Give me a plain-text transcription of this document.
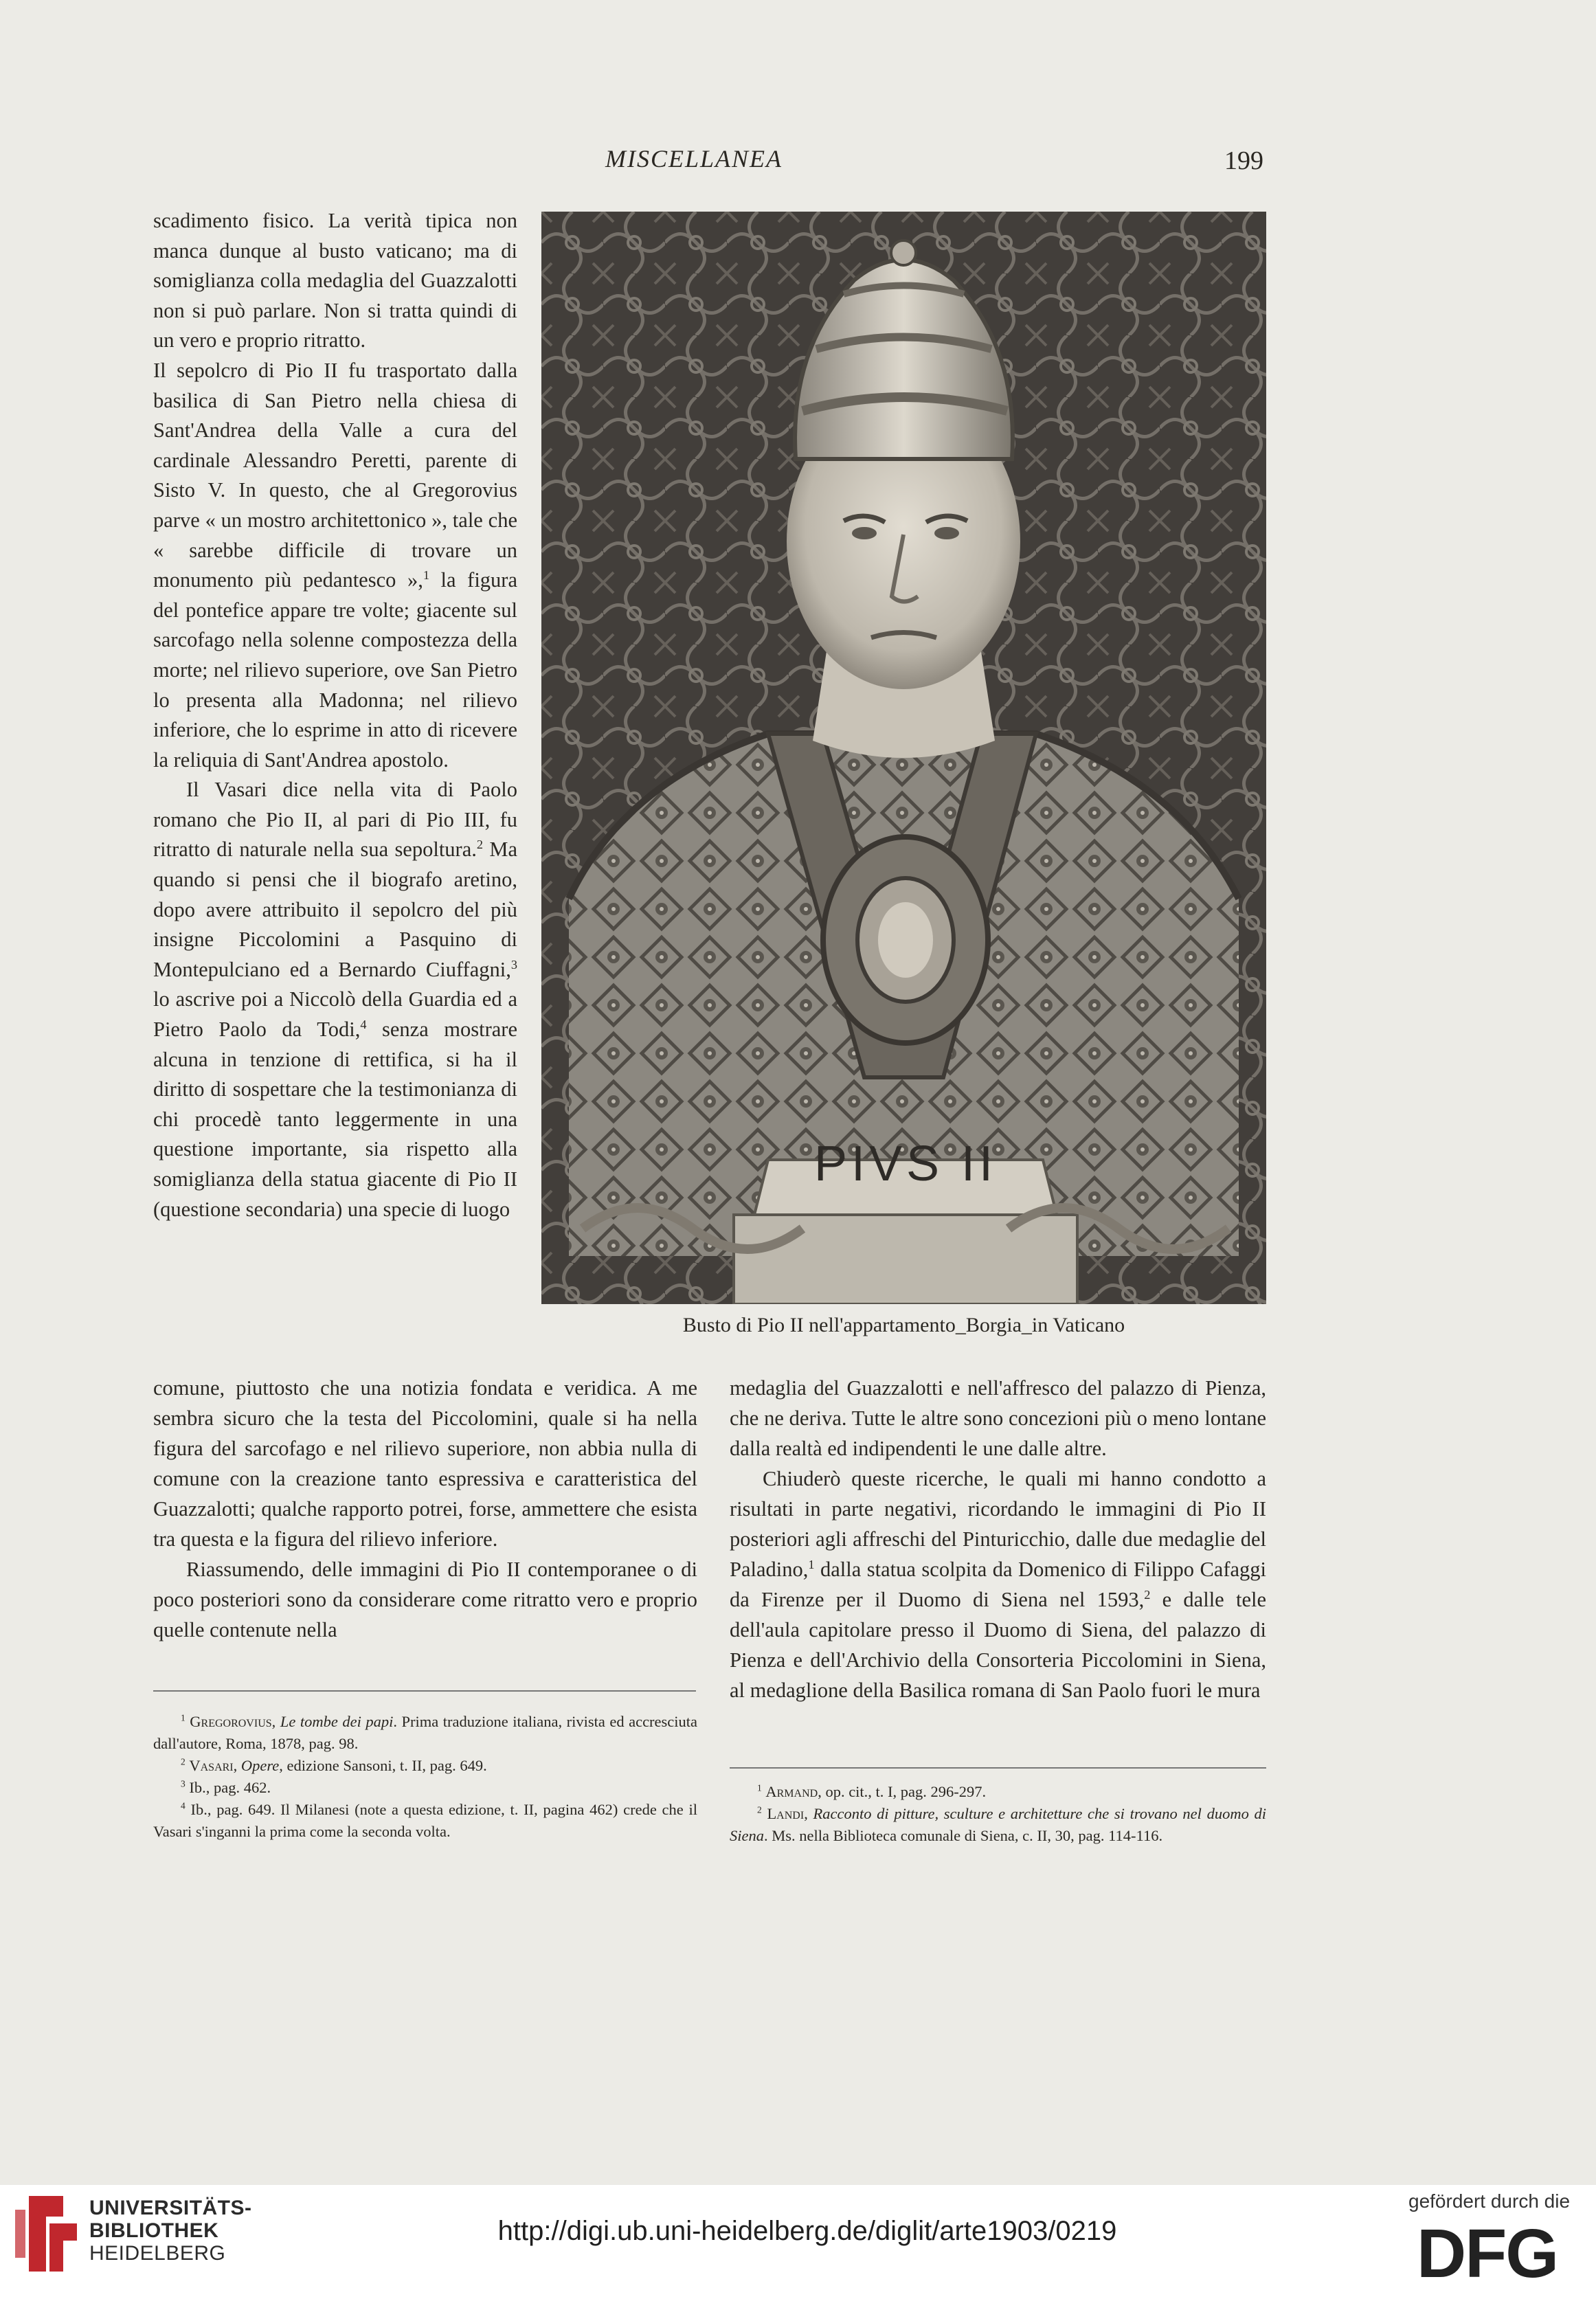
MISCELLANEA	199

scadimento fisico. La verità tipica non manca dunque al busto vaticano; ma di somiglianza colla medaglia del Guazzalotti non si può parlare. Non si tratta quindi di un vero e proprio ritratto.

Il sepolcro di Pio II fu trasportato dalla basilica di San Pietro nella chiesa di Sant'Andrea della Valle a cura del cardinale Alessandro Peretti, parente di Sisto V. In questo, che al Gregorovius parve « un mostro architettonico », tale che « sarebbe difficile di trovare un monumento più pedantesco »,$^1$ la figura del pontefice appare tre volte; giacente sul sarcofago nella solenne compostezza della morte; nel rilievo superiore, ove San Pietro lo presenta alla Madonna; nel rilievo inferiore, che lo esprime in atto di ricevere la reliquia di Sant'Andrea apostolo.

Il Vasari dice nella vita di Paolo romano che Pio II, al pari di Pio III, fu ritratto di naturale nella sua sepoltura.$^2$ Ma quando si pensi che il biografo aretino, dopo avere attribuito il sepolcro del più insigne Piccolomini a Pasquino di Montepulciano ed a Bernardo Ciuffagni,$^3$ lo ascrive poi a Niccolò della Guardia ed a Pietro Paolo da Todi,$^4$ senza mostrare alcuna in tenzione di rettifica, si ha il diritto di sospettare che la testimonianza di chi procedè tanto leggermente in una questione importante, sia rispetto alla somiglianza della statua giacente di Pio II (questione secondaria) una specie di luogo

PIVS II
Busto di Pio II nell'appartamento_Borgia_in Vaticano

comune, piuttosto che una notizia fondata e veridica. A me sembra sicuro che la testa del Piccolomini, quale si ha nella figura del sarcofago e nel rilievo superiore, non abbia nulla di comune con la creazione tanto espressiva e caratteristica del Guazzalotti; qualche rapporto potrei, forse, ammettere che esista tra questa e la figura del rilievo inferiore.

Riassumendo, delle immagini di Pio II contemporanee o di poco posteriori sono da considerare come ritratto vero e proprio quelle contenute nella

medaglia del Guazzalotti e nell'affresco del palazzo di Pienza, che ne deriva. Tutte le altre sono concezioni più o meno lontane dalla realtà ed indipendenti le une dalle altre.

Chiuderò queste ricerche, le quali mi hanno condotto a risultati in parte negativi, ricordando le immagini di Pio II posteriori agli affreschi del Pinturicchio, dalle due medaglie del Paladino,$^1$ dalla statua scolpita da Domenico di Filippo Cafaggi da Firenze per il Duomo di Siena nel 1593,$^2$ e dalle tele dell'aula capitolare presso il Duomo di Siena, del palazzo di Pienza e dell'Archivio della Consorteria Piccolomini in Siena, al medaglione della Basilica romana di San Paolo fuori le mura

$^1$ Gregorovius, Le tombe dei papi. Prima traduzione italiana, rivista ed accresciuta dall'autore, Roma, 1878, pag. 98.

$^2$ Vasari, Opere, edizione Sansoni, t. II, pag. 649.

$^3$ Ib., pag. 462.

$^4$ Ib., pag. 649. Il Milanesi (note a questa edizione, t. II, pagina 462) crede che il Vasari s'inganni la prima come la seconda volta.

$^1$ Armand, op. cit., t. I, pag. 296-297.

$^2$ Landi, Racconto di pitture, sculture e architetture che si trovano nel duomo di Siena. Ms. nella Biblioteca comunale di Siena, c. II, 30, pag. 114-116.

UNIVERSITÄTS-
BIBLIOTHEK
HEIDELBERG
http://digi.ub.uni-heidelberg.de/diglit/arte1903/0219
gefördert durch die
DFG
